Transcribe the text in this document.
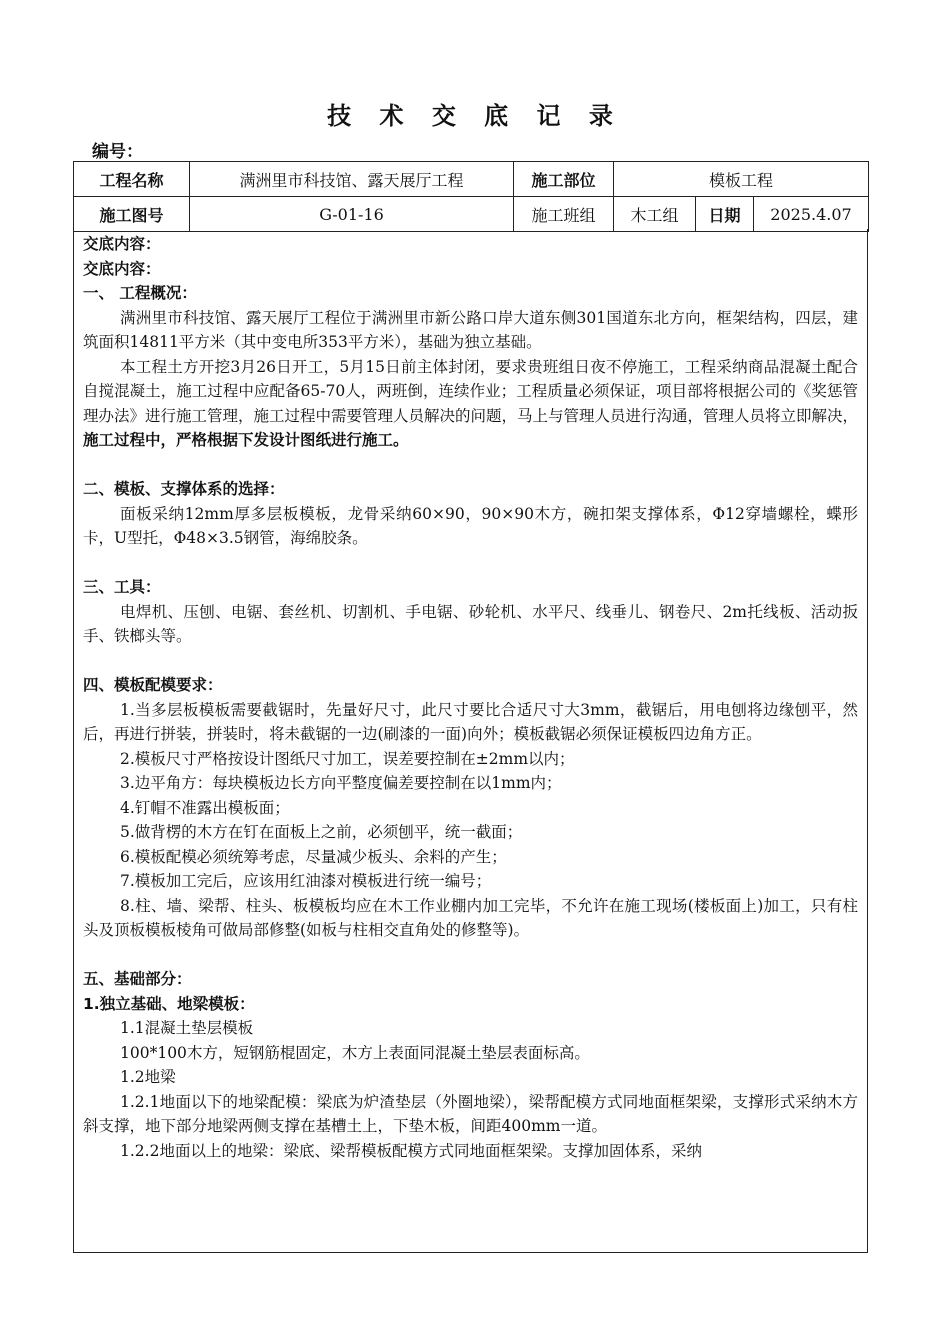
技 术 交 底 记 录
编号：
工程名称	满洲里市科技馆、露天展厅工程	施工部位	模板工程		
施工图号	G-01-16	施工班组	木工组	日期	2025.4.07

交底内容：

交底内容：

一、 工程概况：

满洲里市科技馆、露天展厅工程位于满洲里市新公路口岸大道东侧301国道东北方向，框架结构，四层，建筑面积14811平方米（其中变电所353平方米），基础为独立基础。

本工程土方开挖3月26日开工，5月15日前主体封闭，要求贵班组日夜不停施工，工程采纳商品混凝土配合自搅混凝土，施工过程中应配备65-70人，两班倒，连续作业；工程质量必须保证，项目部将根据公司的《奖惩管理办法》进行施工管理，施工过程中需要管理人员解决的问题，马上与管理人员进行沟通，管理人员将立即解决，施工过程中，严格根据下发设计图纸进行施工。

二、模板、支撑体系的选择：

面板采纳12mm厚多层板模板，龙骨采纳60×90，90×90木方，碗扣架支撑体系，Φ12穿墙螺栓，蝶形卡，U型托，Φ48×3.5钢管，海绵胶条。

三、工具：

电焊机、压刨、电锯、套丝机、切割机、手电锯、砂轮机、水平尺、线垂儿、钢卷尺、2m托线板、活动扳手、铁榔头等。

四、模板配模要求：

1.当多层板模板需要截锯时，先量好尺寸，此尺寸要比合适尺寸大3mm，截锯后，用电刨将边缘刨平，然后，再进行拼装，拼装时，将未截锯的一边(刷漆的一面)向外；模板截锯必须保证模板四边角方正。

2.模板尺寸严格按设计图纸尺寸加工，误差要控制在±2mm以内；

3.边平角方：每块模板边长方向平整度偏差要控制在以1mm内；

4.钉帽不准露出模板面；

5.做背楞的木方在钉在面板上之前，必须刨平，统一截面；

6.模板配模必须统筹考虑，尽量减少板头、余料的产生；

7.模板加工完后，应该用红油漆对模板进行统一编号；

8.柱、墙、梁帮、柱头、板模板均应在木工作业棚内加工完毕，不允许在施工现场(楼板面上)加工，只有柱头及顶板模板棱角可做局部修整(如板与柱相交直角处的修整等)。

五、基础部分：

1.独立基础、地梁模板：

1.1混凝土垫层模板

100*100木方，短钢筋棍固定，木方上表面同混凝土垫层表面标高。

1.2地梁

1.2.1地面以下的地梁配模：梁底为炉渣垫层（外圈地梁），梁帮配模方式同地面框架梁，支撑形式采纳木方斜支撑，地下部分地梁两侧支撑在基槽土上，下垫木板，间距400mm一道。

1.2.2地面以上的地梁：梁底、梁帮模板配模方式同地面框架梁。支撑加固体系，采纳
